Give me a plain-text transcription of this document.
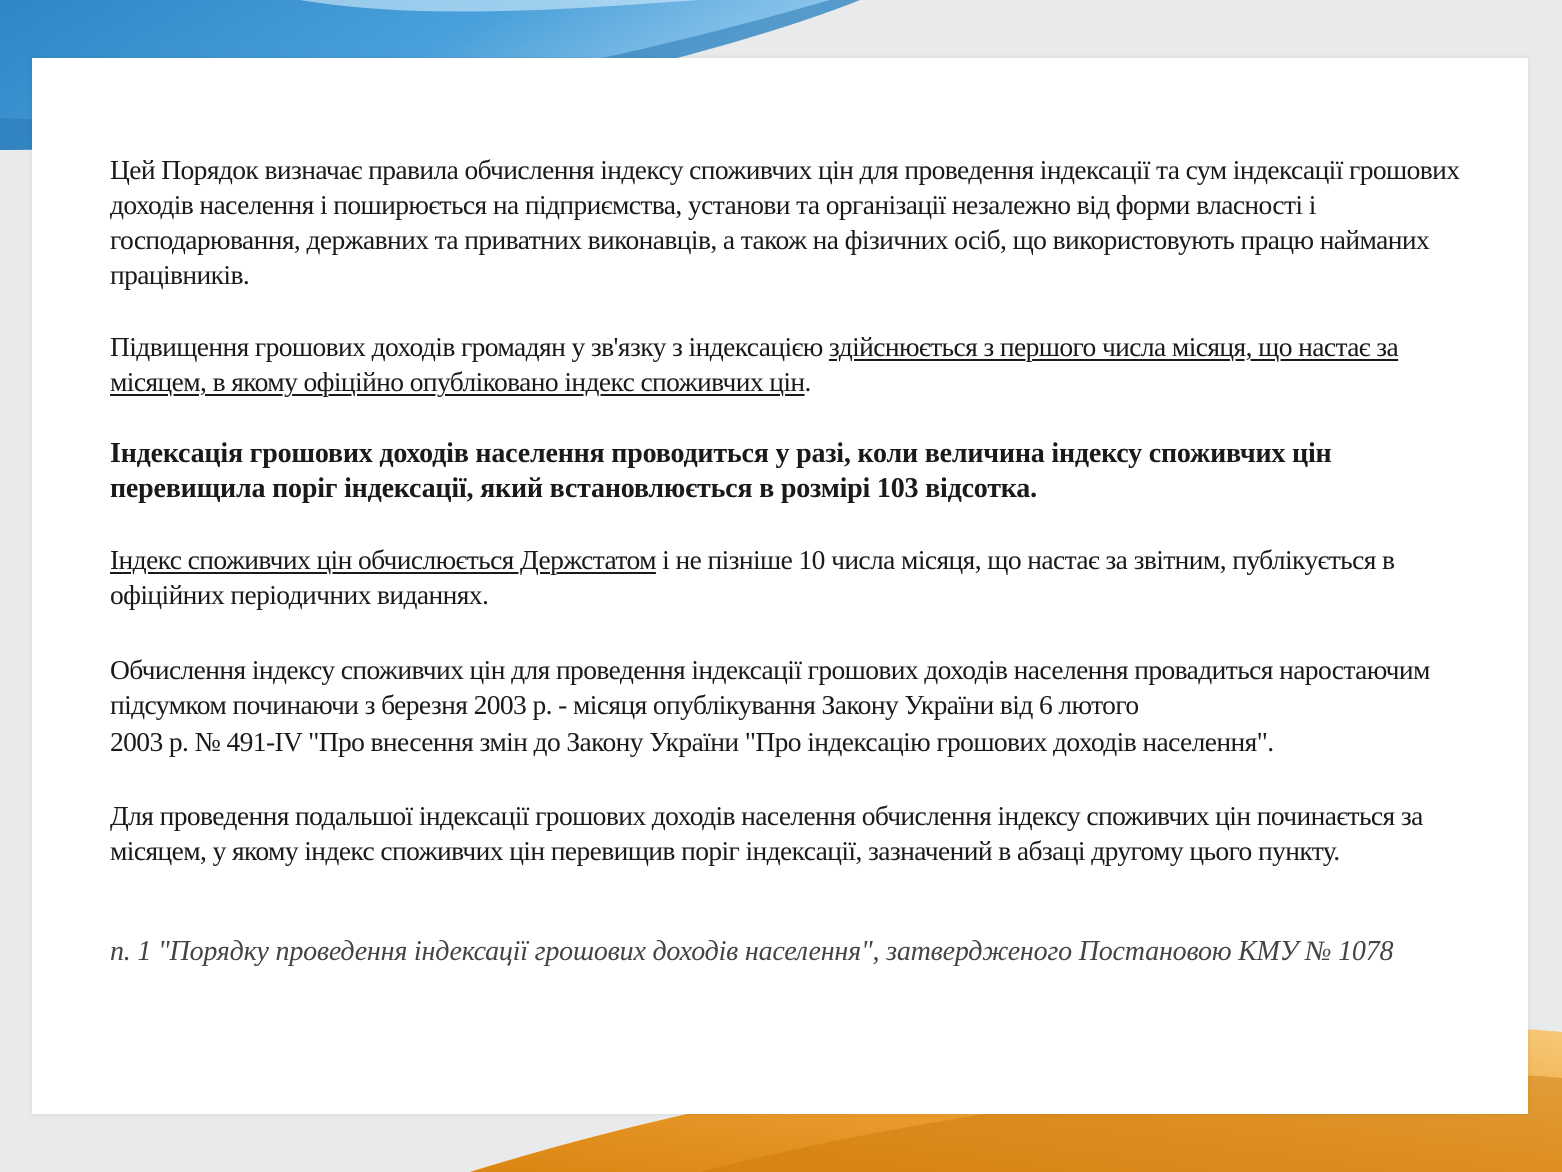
Цей Порядок визначає правила обчислення індексу споживчих цін для проведення індексації та сум індексації грошових доходів населення і поширюється на підприємства, установи та організації незалежно від форми власності і господарювання, державних та приватних виконавців, а також на фізичних осіб, що використовують працю найманих працівників.

Підвищення грошових доходів громадян у зв'язку з індексацією здійснюється з першого числа місяця, що настає за місяцем, в якому офіційно опубліковано індекс споживчих цін.

Індексація грошових доходів населення проводиться у разі, коли величина індексу споживчих цін перевищила поріг індексації, який встановлюється в розмірі 103 відсотка.

Індекс споживчих цін обчислюється Держстатом і не пізніше 10 числа місяця, що настає за звітним, публікується в офіційних періодичних виданнях.

Обчислення індексу споживчих цін для проведення індексації грошових доходів населення провадиться наростаючим підсумком починаючи з березня 2003 р. - місяця опублікування Закону України від 6 лютого
2003 р. № 491-IV "Про внесення змін до Закону України "Про індексацію грошових доходів населення".

Для проведення подальшої індексації грошових доходів населення обчислення індексу споживчих цін починається за місяцем, у якому індекс споживчих цін перевищив поріг індексації, зазначений в абзаці другому цього пункту.

п. 1 "Порядку проведення індексації грошових доходів населення", затвердженого Постановою КМУ № 1078
